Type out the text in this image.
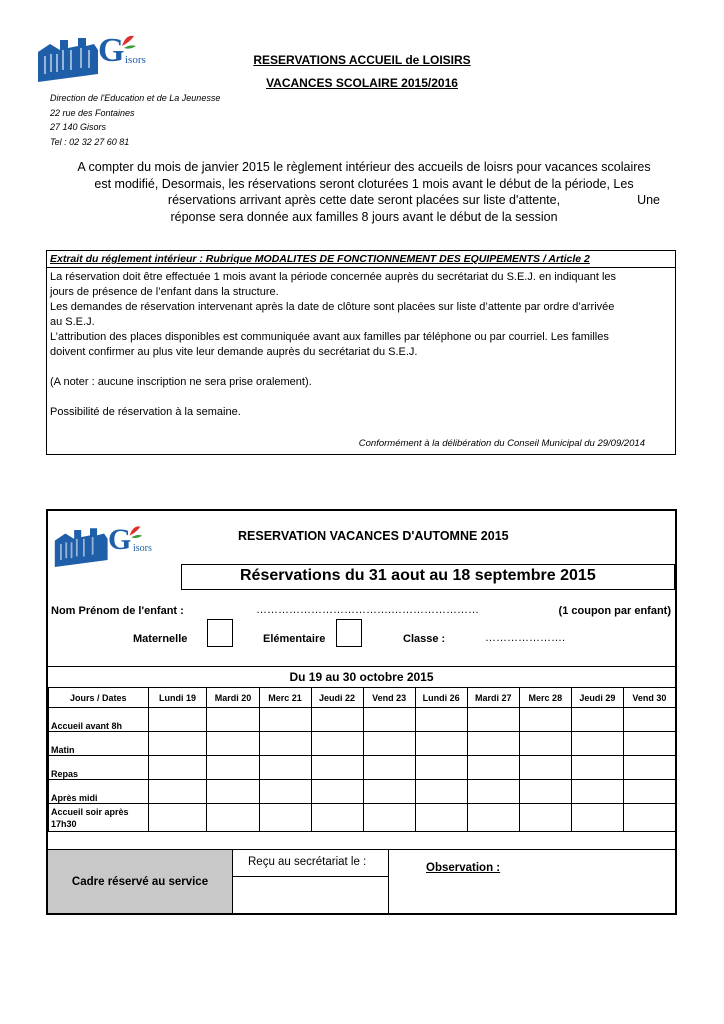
G isors	RESERVATIONS ACCUEIL de LOISIRS
VACANCES SCOLAIRE 2015/2016
Direction de l'Education et de La Jeunesse
22 rue des Fontaines
27 140 Gisors
Tel : 02 32 27 60 81
A compter du mois de janvier 2015 le règlement intérieur des accueils de loisrs pour vacances scolaires
est modifié, Desormais, les réservations seront cloturées 1 mois avant le début de la période, Les
réservations arrivant après cette date seront placées sur liste d'attente,	Une
réponse sera donnée aux familles 8 jours avant le début de la session
Extrait du réglement intérieur : Rubrique MODALITES DE FONCTIONNEMENT DES EQUIPEMENTS / Article 2
La réservation doit être effectuée 1 mois avant la période concernée auprès du secrétariat du S.E.J. en indiquant les
jours de présence de l’enfant dans la structure.
Les demandes de réservation intervenant après la date de clôture sont placées sur liste d’attente par ordre d’arrivée
au S.E.J.
L’attribution des places disponibles est communiquée avant aux familles par téléphone ou par courriel. Les familles
doivent confirmer au plus vite leur demande auprès du secrétariat du S.E.J.
(A noter : aucune inscription ne sera prise oralement).
Possibilité de réservation à la semaine.
Conformément à la délibération du Conseil Municipal du 29/09/2014
G isors
RESERVATION VACANCES D'AUTOMNE 2015
Réservations du 31 aout au 18 septembre 2015
Nom Prénom de l'enfant :	……………………………….……………………	(1 coupon par enfant)
Maternelle	Elémentaire	Classe :	………………….
Du 19 au 30 octobre 2015
Jours / Dates	Lundi 19	Mardi 20	Merc 21	Jeudi 22	Vend 23	Lundi 26	Mardi 27	Merc 28	Jeudi 29	Vend 30
Accueil avant 8h										
Matin										
Repas										
Après midi										
Accueil soir après 17h30										
Cadre réservé au service
Reçu au secrétariat le :	Observation :
